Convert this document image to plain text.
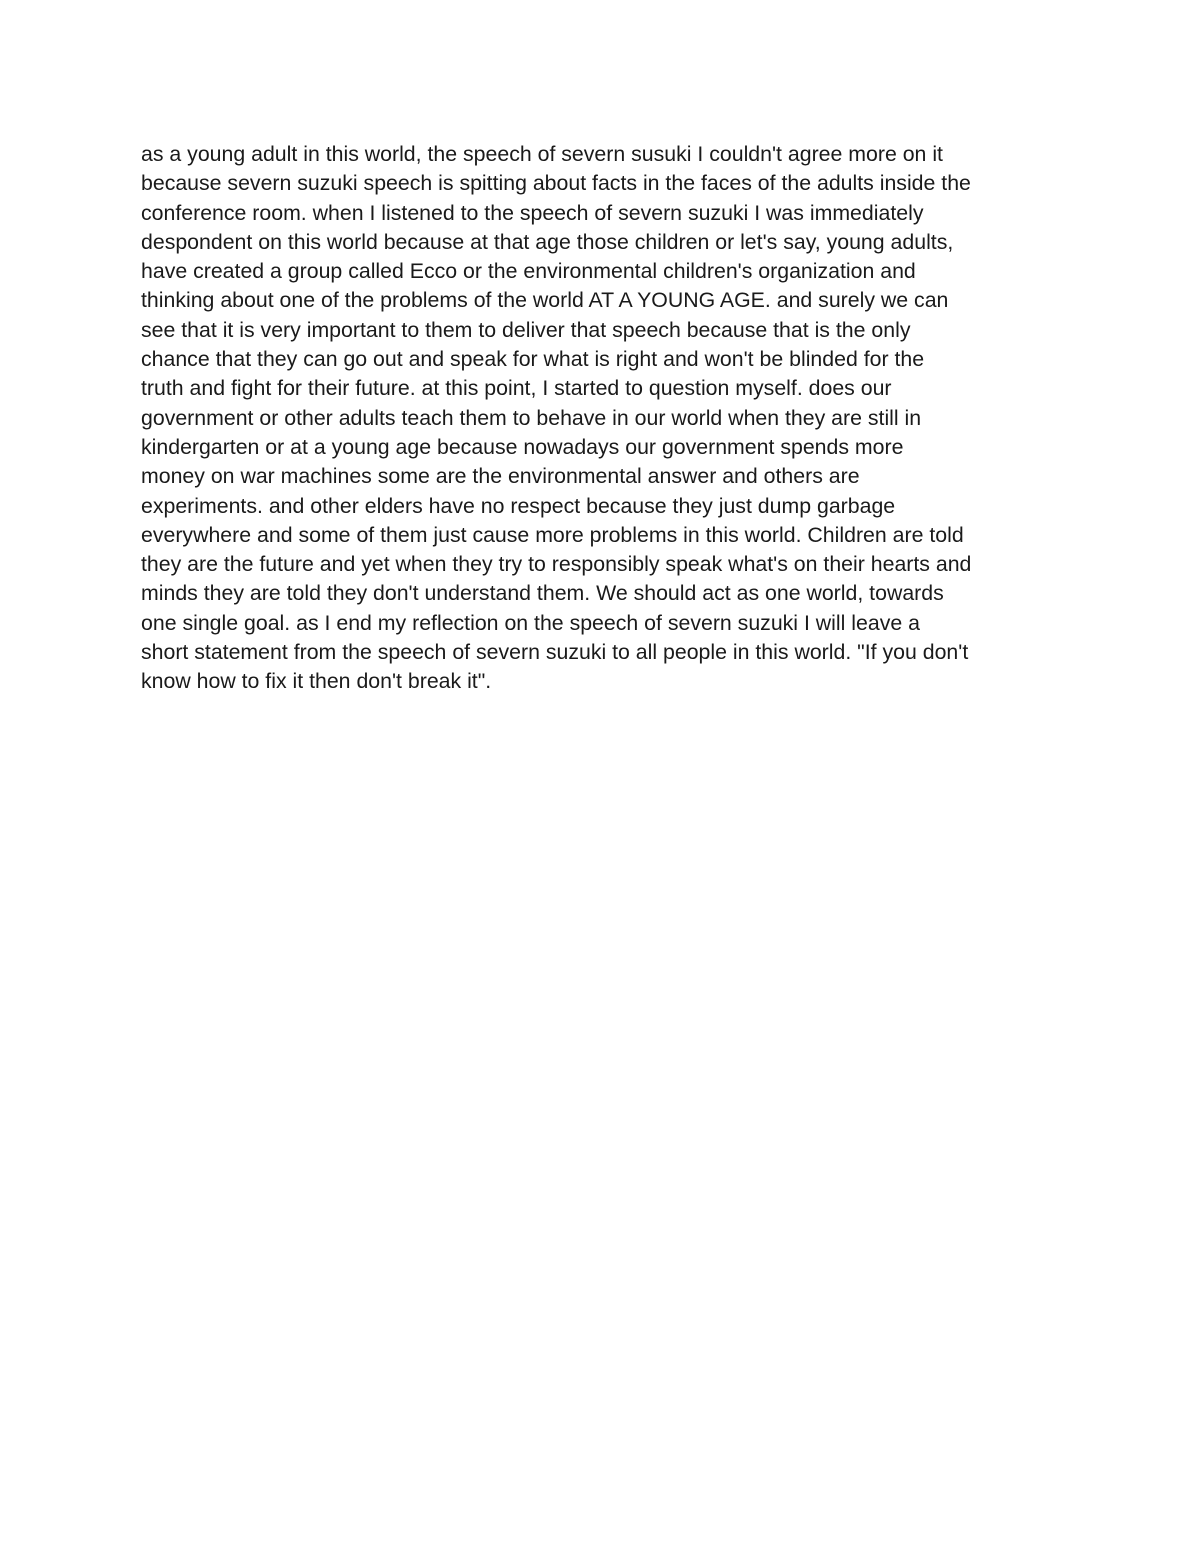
as a young adult in this world, the speech of severn susuki I couldn't agree more on it
because severn suzuki speech is spitting about facts in the faces of the adults inside the
conference room. when I listened to the speech of severn suzuki I was immediately
despondent on this world because at that age those children or let's say, young adults,
have created a group called Ecco or the environmental children's organization and
thinking about one of the problems of the world AT A YOUNG AGE. and surely we can
see that it is very important to them to deliver that speech because that is the only
chance that they can go out and speak for what is right and won't be blinded for the
truth and fight for their future. at this point, I started to question myself. does our
government or other adults teach them to behave in our world when they are still in
kindergarten or at a young age because nowadays our government spends more
money on war machines some are the environmental answer and others are
experiments. and other elders have no respect because they just dump garbage
everywhere and some of them just cause more problems in this world. Children are told
they are the future and yet when they try to responsibly speak what's on their hearts and
minds they are told they don't understand them. We should act as one world, towards
one single goal. as I end my reflection on the speech of severn suzuki I will leave a
short statement from the speech of severn suzuki to all people in this world. "If you don't
know how to fix it then don't break it".
